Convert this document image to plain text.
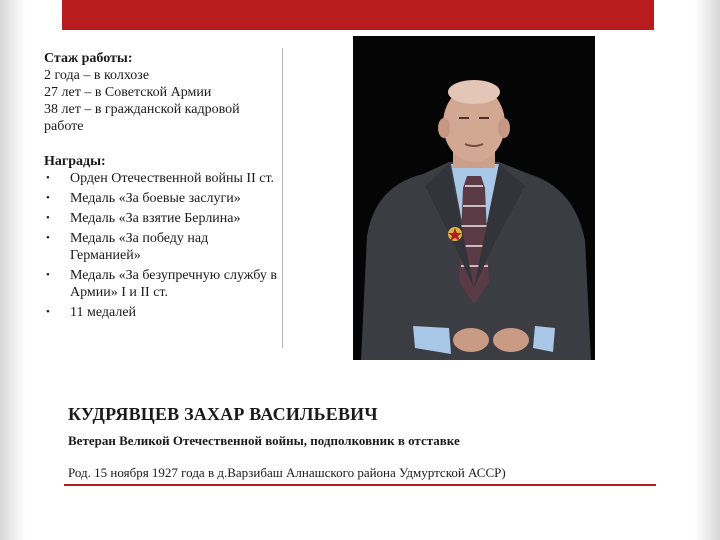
Стаж работы:
2 года – в колхозе
27 лет – в Советской Армии
38 лет – в гражданской кадровой работе
Награды:
• Орден Отечественной войны II ст.
• Медаль «За боевые заслуги»
• Медаль «За взятие Берлина»
• Медаль «За победу над Германией»
• Медаль «За безупречную службу в Армии» I и II ст.
• 11 медалей
КУДРЯВЦЕВ ЗАХАР ВАСИЛЬЕВИЧ
Ветеран Великой Отечественной войны, подполковник в отставке
Род. 15 ноября 1927 года в д.Варзибаш Алнашского района Удмуртской АССР)
